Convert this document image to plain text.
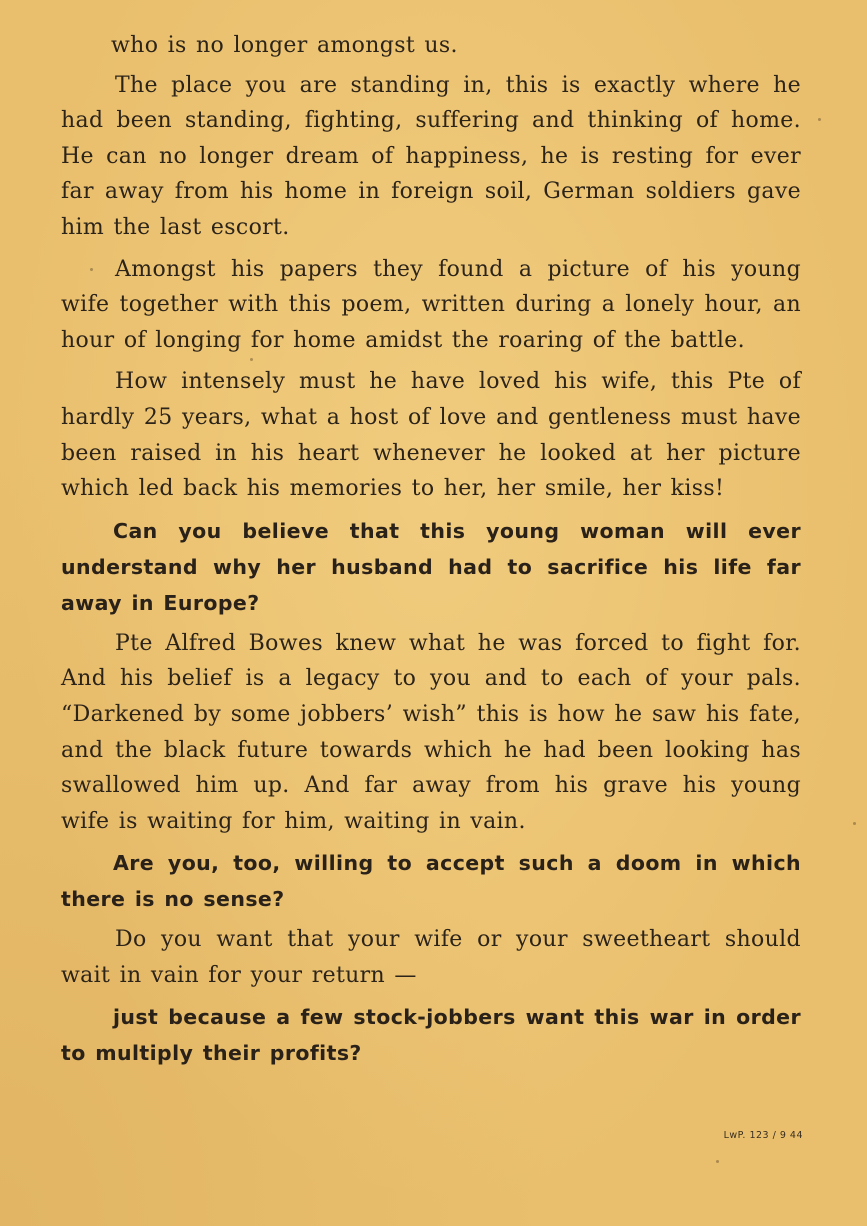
who is no longer amongst us.

The place you are standing in, this is exactly where he had been standing, fighting, suffering and thinking of home. He can no longer dream of happiness, he is resting for ever far away from his home in foreign soil, German soldiers gave him the last escort.

Amongst his papers they found a picture of his young wife together with this poem, written during a lonely hour, an hour of longing for home amidst the roaring of the battle.

How intensely must he have loved his wife, this Pte of hardly 25 years, what a host of love and gentleness must have been raised in his heart whenever he looked at her picture which led back his memories to her, her smile, her kiss!

Can you believe that this young woman will ever understand why her husband had to sacrifice his life far away in Europe?

Pte Alfred Bowes knew what he was forced to fight for. And his belief is a legacy to you and to each of your pals. “Darkened by some jobbers’ wish” this is how he saw his fate, and the black future towards which he had been looking has swallowed him up. And far away from his grave his young wife is waiting for him, waiting in vain.

Are you, too, willing to accept such a doom in which there is no sense?

Do you want that your wife or your sweetheart should wait in vain for your return —

just because a few stock-jobbers want this war in order to multiply their profits?

LwP. 123 / 9 44
